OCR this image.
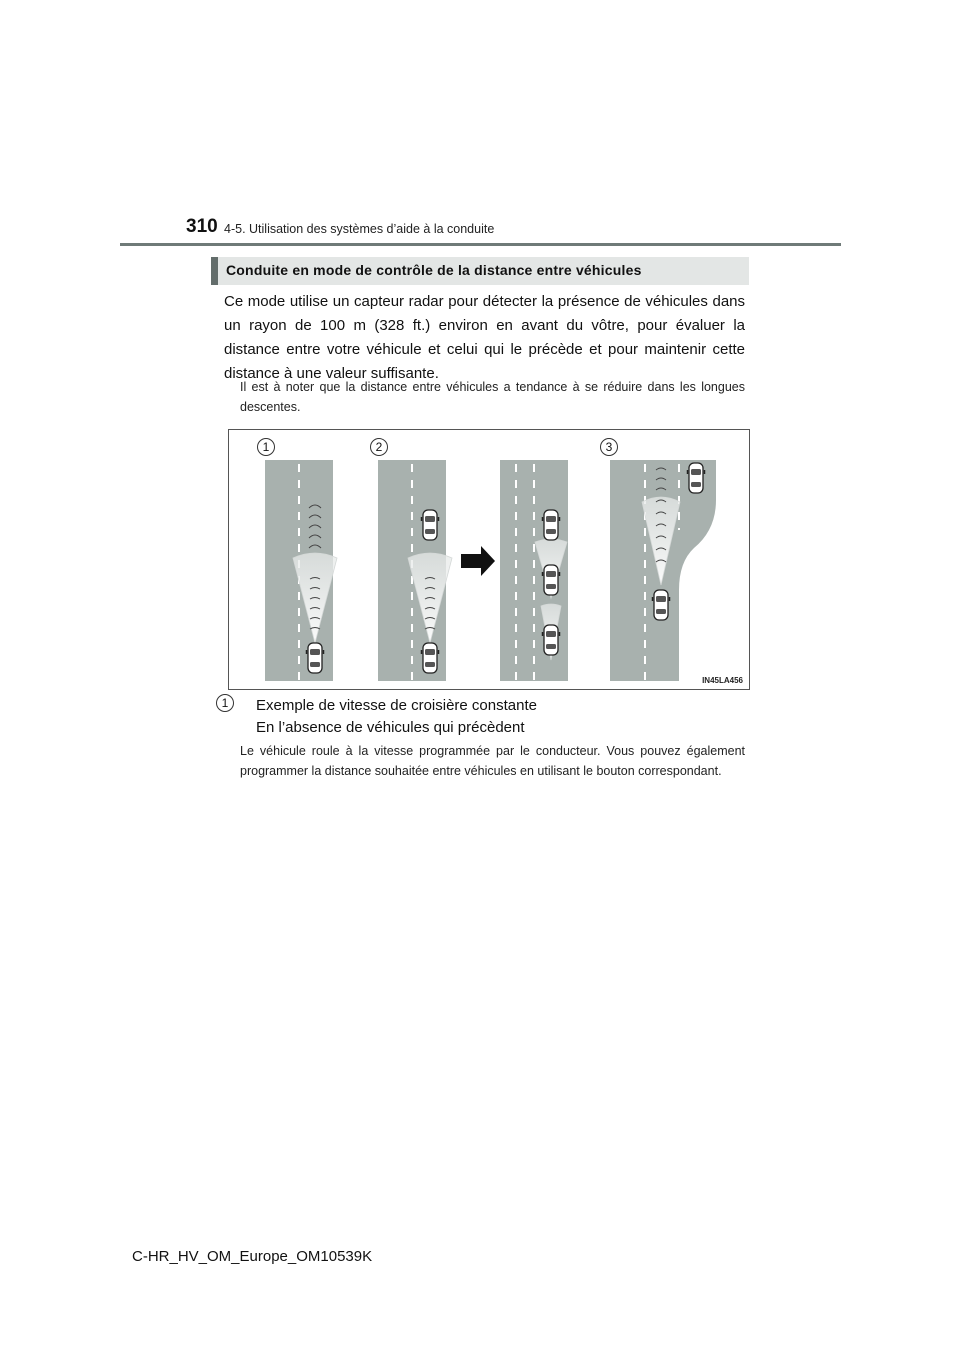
310 4-5. Utilisation des systèmes d’aide à la conduite
Conduite en mode de contrôle de la distance entre véhicules
Ce mode utilise un capteur radar pour détecter la présence de véhicules dans un rayon de 100 m (328 ft.) environ en avant du vôtre, pour évaluer la distance entre votre véhicule et celui qui le précède et pour maintenir cette distance à une valeur suffisante.
Il est à noter que la distance entre véhicules a tendance à se réduire dans les longues descentes.
1	2	3
IN45LA456
1	Exemple de vitesse de croisière constante
En l’absence de véhicules qui précèdent
Le véhicule roule à la vitesse programmée par le conducteur. Vous pouvez également programmer la distance souhaitée entre véhicules en utilisant le bouton correspondant.
C-HR_HV_OM_Europe_OM10539K
